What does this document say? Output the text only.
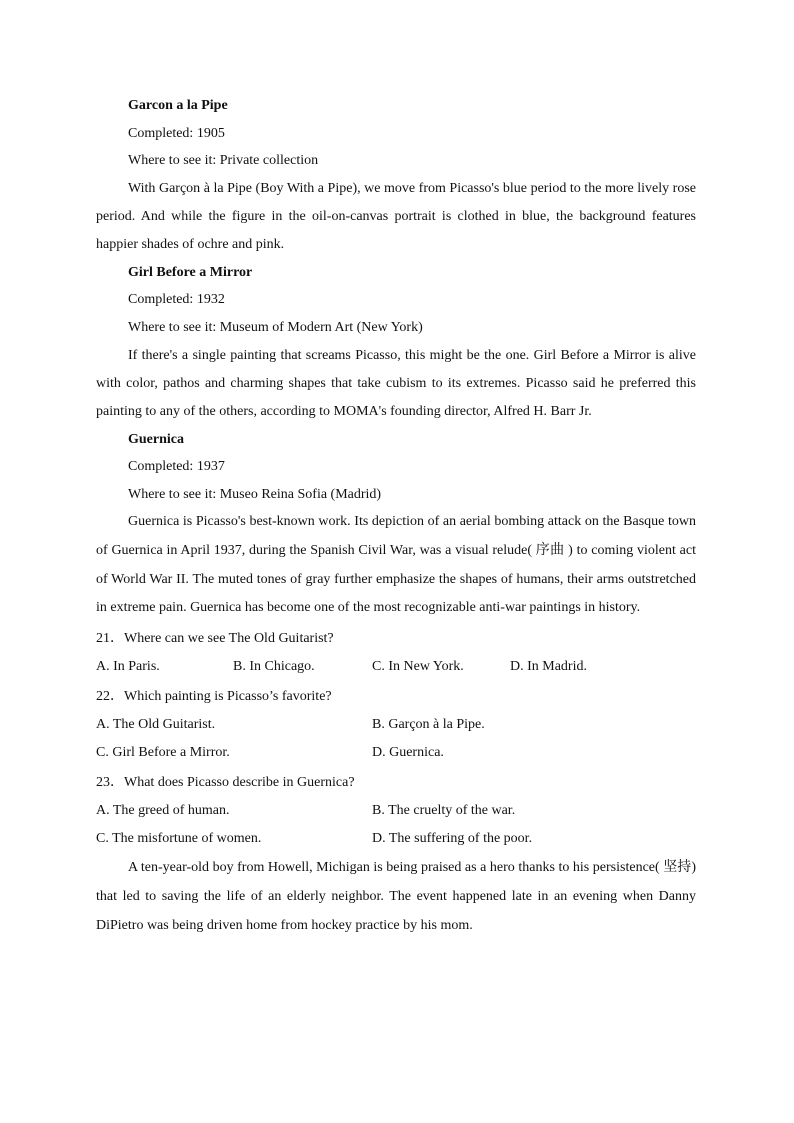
Garcon a la Pipe

Completed: 1905

Where to see it: Private collection

With Garçon à la Pipe (Boy With a Pipe), we move from Picasso's blue period to the more lively rose period. And while the figure in the oil-on-canvas portrait is clothed in blue, the background features happier shades of ochre and pink.

Girl Before a Mirror

Completed: 1932

Where to see it: Museum of Modern Art (New York)

If there's a single painting that screams Picasso, this might be the one. Girl Before a Mirror is alive with color, pathos and charming shapes that take cubism to its extremes. Picasso said he preferred this painting to any of the others, according to MOMA's founding director, Alfred H. Barr Jr.

Guernica

Completed: 1937

Where to see it: Museo Reina Sofia (Madrid)

Guernica is Picasso's best-known work. Its depiction of an aerial bombing attack on the Basque town of Guernica in April 1937, during the Spanish Civil War, was a visual relude( 序曲 ) to coming violent act of World War II. The muted tones of gray further emphasize the shapes of humans, their arms outstretched in extreme pain. Guernica has become one of the most recognizable anti-war paintings in history.

21．Where can we see The Old Guitarist?

A. In Paris.	B. In Chicago.	C. In New York.	D. In Madrid.

22．Which painting is Picasso’s favorite?

A. The Old Guitarist.	B. Garçon à la Pipe.
C. Girl Before a Mirror.	D. Guernica.

23．What does Picasso describe in Guernica?

A. The greed of human.	B. The cruelty of the war.
C. The misfortune of women.	D. The suffering of the poor.

A ten-year-old boy from Howell, Michigan is being praised as a hero thanks to his persistence( 坚持) that led to saving the life of an elderly neighbor. The event happened late in an evening when Danny DiPietro was being driven home from hockey practice by his mom.
